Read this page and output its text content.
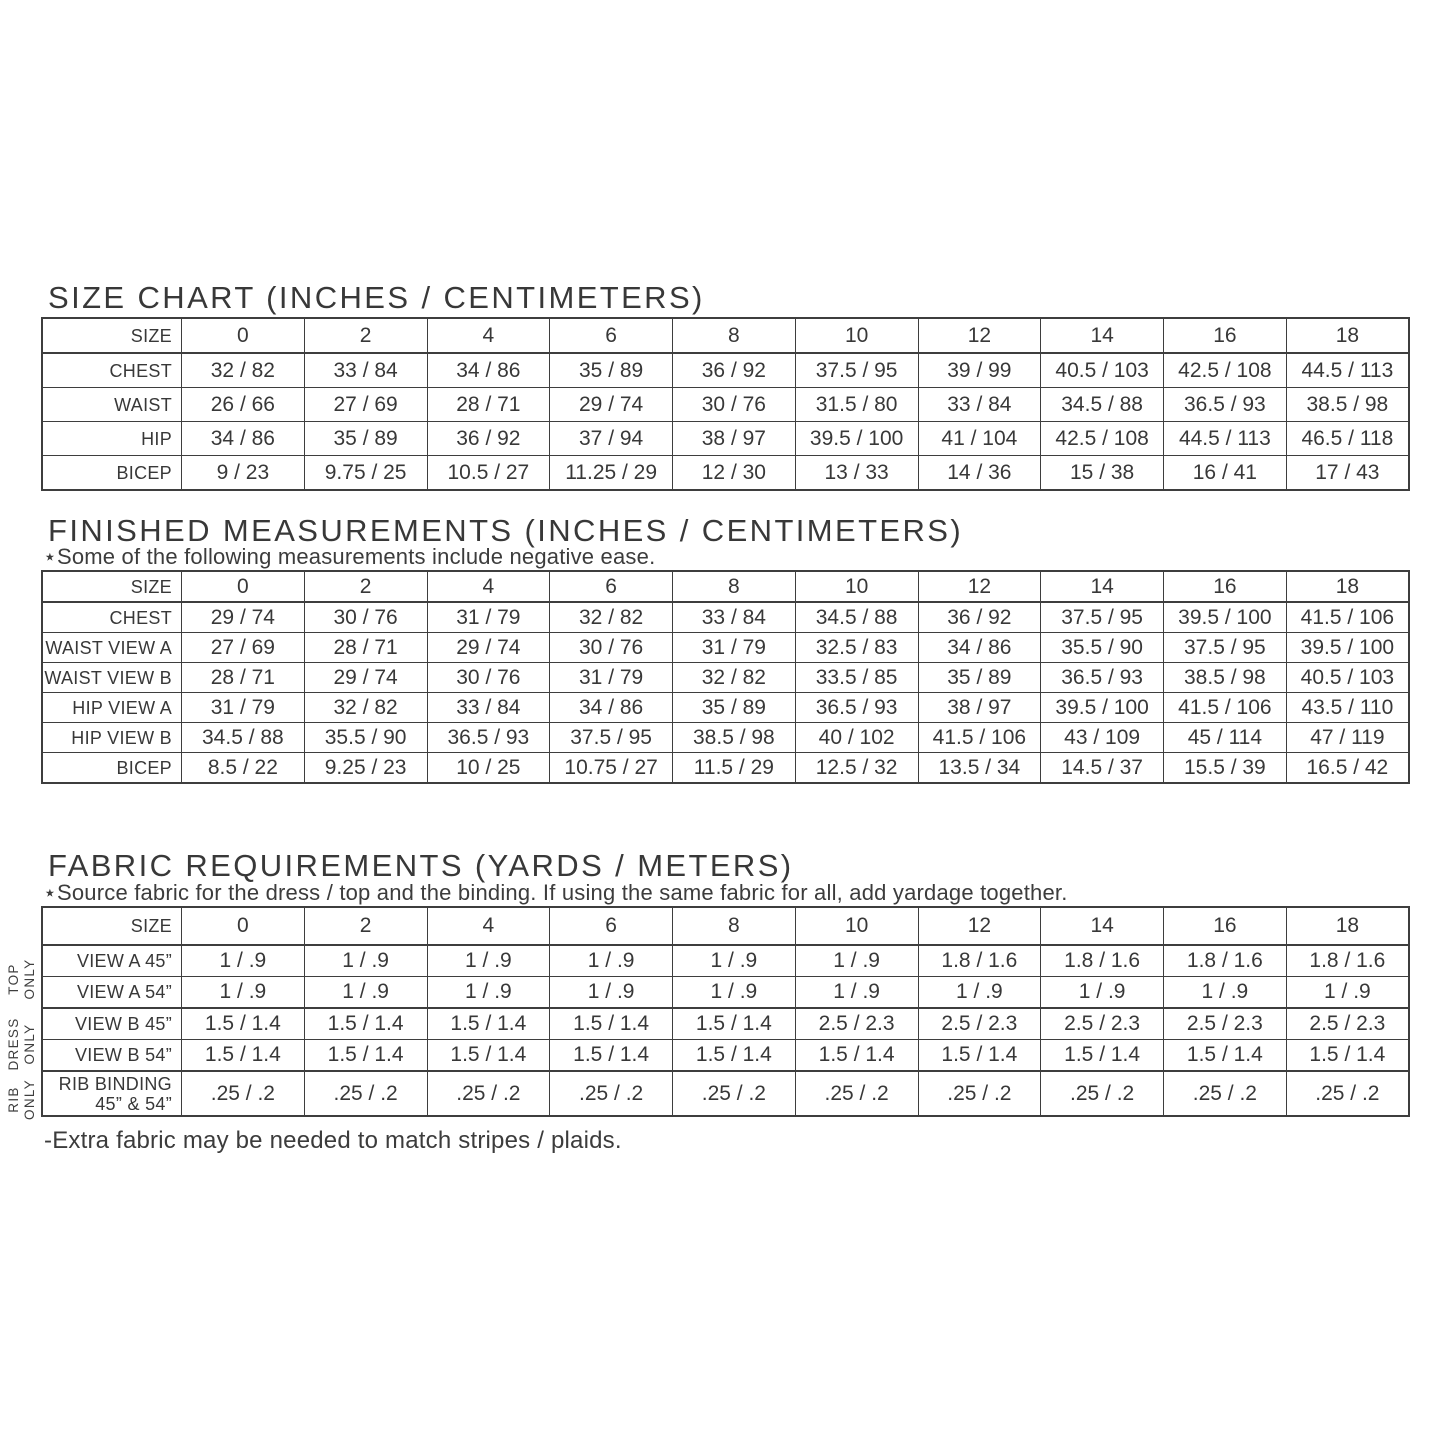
SIZE CHART (INCHES / CENTIMETERS)
SIZE	0	2	4	6	8	10	12	14	16	18
CHEST	32 / 82	33 / 84	34 / 86	35 / 89	36 / 92	37.5 / 95	39 / 99	40.5 / 103	42.5 / 108	44.5 / 113
WAIST	26 / 66	27 / 69	28 / 71	29 / 74	30 / 76	31.5 / 80	33 / 84	34.5 / 88	36.5 / 93	38.5 / 98
HIP	34 / 86	35 / 89	36 / 92	37 / 94	38 / 97	39.5 / 100	41 / 104	42.5 / 108	44.5 / 113	46.5 / 118
BICEP	9 / 23	9.75 / 25	10.5 / 27	11.25 / 29	12 / 30	13 / 33	14 / 36	15 / 38	16 / 41	17 / 43
FINISHED MEASUREMENTS (INCHES / CENTIMETERS)
⋆Some of the following measurements include negative ease.
SIZE	0	2	4	6	8	10	12	14	16	18
CHEST	29 / 74	30 / 76	31 / 79	32 / 82	33 / 84	34.5 / 88	36 / 92	37.5 / 95	39.5 / 100	41.5 / 106
WAIST VIEW A	27 / 69	28 / 71	29 / 74	30 / 76	31 / 79	32.5 / 83	34 / 86	35.5 / 90	37.5 / 95	39.5 / 100
WAIST VIEW B	28 / 71	29 / 74	30 / 76	31 / 79	32 / 82	33.5 / 85	35 / 89	36.5 / 93	38.5 / 98	40.5 / 103
HIP VIEW A	31 / 79	32 / 82	33 / 84	34 / 86	35 / 89	36.5 / 93	38 / 97	39.5 / 100	41.5 / 106	43.5 / 110
HIP VIEW B	34.5 / 88	35.5 / 90	36.5 / 93	37.5 / 95	38.5 / 98	40 / 102	41.5 / 106	43 / 109	45 / 114	47 / 119
BICEP	8.5 / 22	9.25 / 23	10 / 25	10.75 / 27	11.5 / 29	12.5 / 32	13.5 / 34	14.5 / 37	15.5 / 39	16.5 / 42
FABRIC REQUIREMENTS (YARDS / METERS)
⋆Source fabric for the dress / top and the binding. If using the same fabric for all, add yardage together.
TOP ONLY
DRESS ONLY
RIB ONLY
SIZE	0	2	4	6	8	10	12	14	16	18
VIEW A 45”	1 / .9	1 / .9	1 / .9	1 / .9	1 / .9	1 / .9	1.8 / 1.6	1.8 / 1.6	1.8 / 1.6	1.8 / 1.6
VIEW A 54”	1 / .9	1 / .9	1 / .9	1 / .9	1 / .9	1 / .9	1 / .9	1 / .9	1 / .9	1 / .9
VIEW B 45”	1.5 / 1.4	1.5 / 1.4	1.5 / 1.4	1.5 / 1.4	1.5 / 1.4	2.5 / 2.3	2.5 / 2.3	2.5 / 2.3	2.5 / 2.3	2.5 / 2.3
VIEW B 54”	1.5 / 1.4	1.5 / 1.4	1.5 / 1.4	1.5 / 1.4	1.5 / 1.4	1.5 / 1.4	1.5 / 1.4	1.5 / 1.4	1.5 / 1.4	1.5 / 1.4
RIB BINDING
45” & 54”	.25 / .2	.25 / .2	.25 / .2	.25 / .2	.25 / .2	.25 / .2	.25 / .2	.25 / .2	.25 / .2	.25 / .2
-Extra fabric may be needed to match stripes / plaids.
